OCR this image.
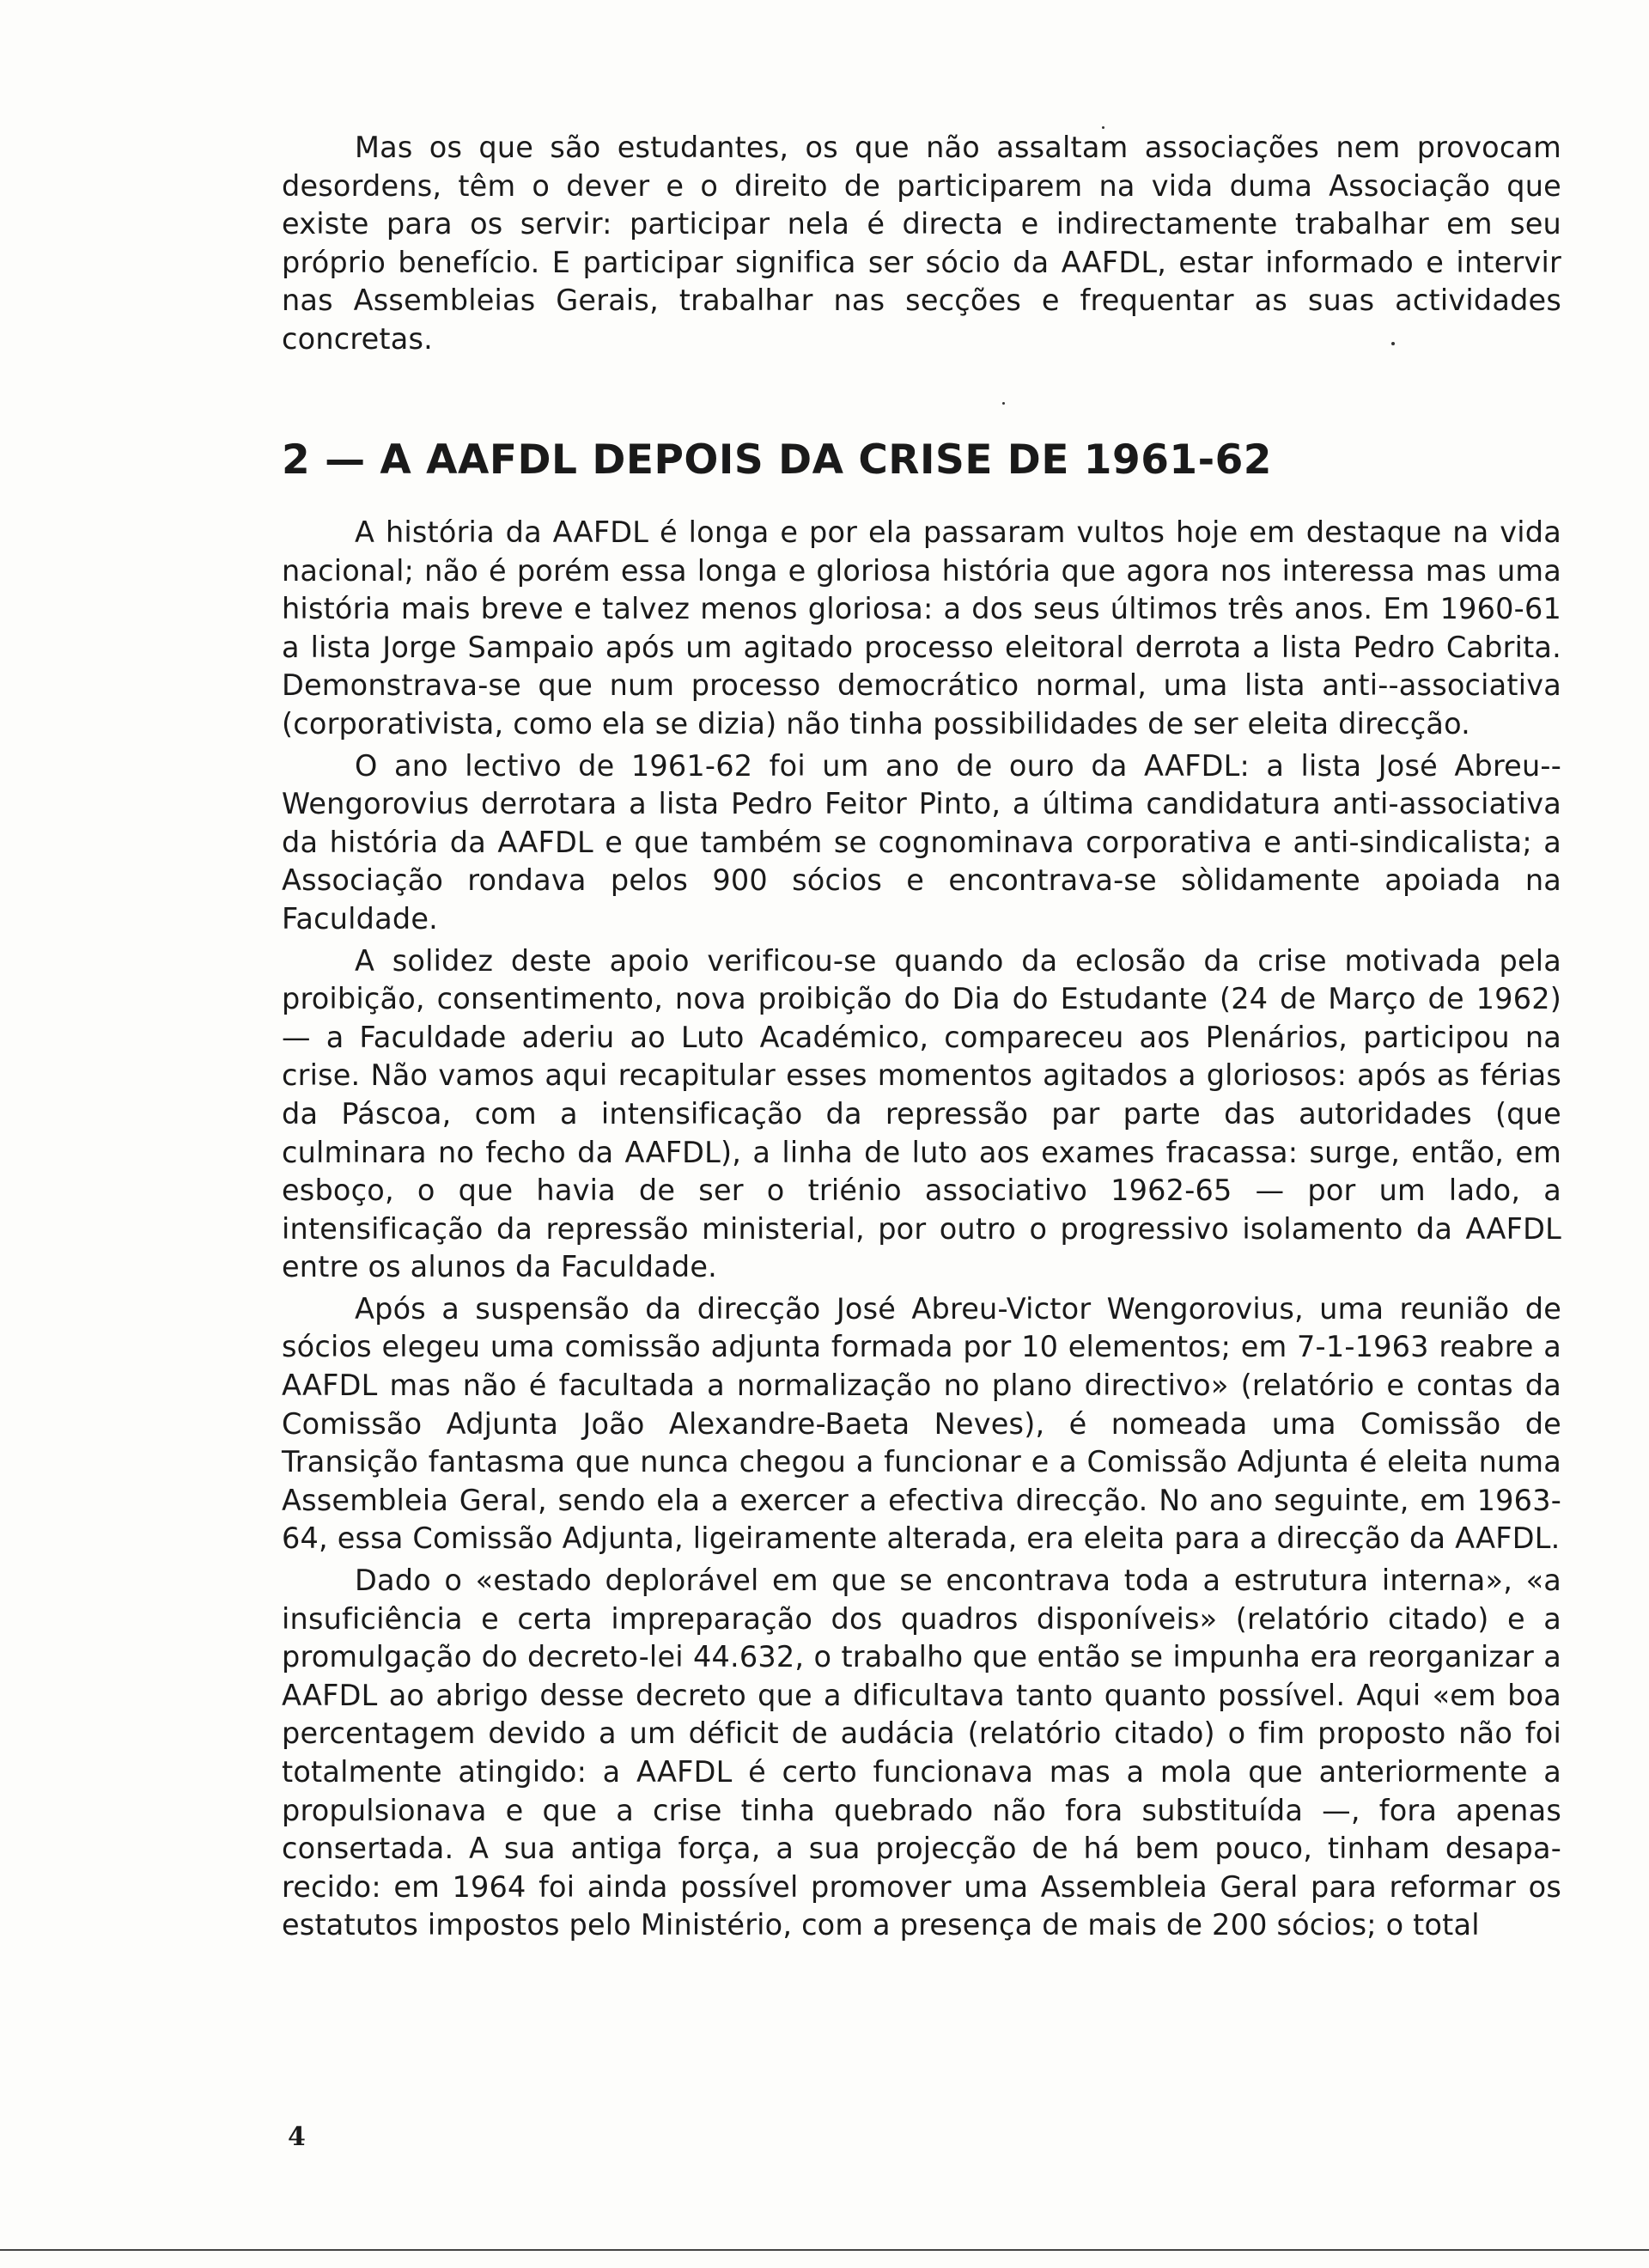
Mas os que são estudantes, os que não assaltam associações nem provocam desordens, têm o dever e o direito de participarem na vida duma Associação que existe para os servir: participar nela é directa e indirectamente trabalhar em seu próprio benefício. E participar significa ser sócio da AAFDL, estar informado e intervir nas Assembleias Gerais, trabalhar nas secções e frequentar as suas actividades concretas.

2 — A AAFDL DEPOIS DA CRISE DE 1961-62

A história da AAFDL é longa e por ela passaram vultos hoje em destaque na vida nacional; não é porém essa longa e gloriosa história que agora nos interessa mas uma história mais breve e talvez menos gloriosa: a dos seus últimos três anos. Em 1960-61 a lista Jorge Sampaio após um agitado processo eleitoral derrota a lista Pedro Cabrita. Demonstrava-se que num processo democrático normal, uma lista anti--associativa (corporativista, como ela se dizia) não tinha possibilidades de ser eleita direcção.

O ano lectivo de 1961-62 foi um ano de ouro da AAFDL: a lista José Abreu--Wengorovius derrotara a lista Pedro Feitor Pinto, a última candidatura anti-associativa da história da AAFDL e que também se cognominava corporativa e anti-sindicalista; a Associação rondava pelos 900 sócios e encontrava-se sòlidamente apoiada na Faculdade.

A solidez deste apoio verificou-se quando da eclosão da crise motivada pela proibição, consentimento, nova proibição do Dia do Estudante (24 de Março de 1962) — a Faculdade aderiu ao Luto Académico, compareceu aos Plenários, participou na crise. Não vamos aqui recapitular esses momentos agitados a gloriosos: após as férias da Páscoa, com a intensificação da repressão par parte das autoridades (que culminara no fecho da AAFDL), a linha de luto aos exames fracassa: surge, então, em esboço, o que havia de ser o triénio associativo 1962-65 — por um lado, a intensificação da repressão ministerial, por outro o progressivo isolamento da AAFDL entre os alunos da Faculdade.

Após a suspensão da direcção José Abreu-Victor Wengorovius, uma reunião de sócios elegeu uma comissão adjunta formada por 10 elementos; em 7-1-1963 reabre a AAFDL mas não é facultada a normalização no plano directivo» (relatório e contas da Comissão Adjunta João Alexandre-Baeta Neves), é nomeada uma Comissão de Transição fantasma que nunca chegou a funcionar e a Comissão Adjunta é eleita numa Assembleia Geral, sendo ela a exercer a efectiva direcção. No ano seguinte, em 1963-64, essa Comissão Adjunta, ligeiramente alterada, era eleita para a direcção da AAFDL.

Dado o «estado deplorável em que se encontrava toda a estrutura interna», «a insuficiência e certa impreparação dos quadros disponíveis» (relatório citado) e a promulgação do decreto-lei 44.632, o trabalho que então se impunha era reorganizar a AAFDL ao abrigo desse decreto que a dificultava tanto quanto possível. Aqui «em boa percentagem devido a um déficit de audácia (relatório citado) o fim proposto não foi totalmente atingido: a AAFDL é certo funcionava mas a mola que anteriormente a propulsionava e que a crise tinha quebrado não fora substituída —, fora apenas consertada. A sua antiga força, a sua projecção de há bem pouco, tinham desapa-recido: em 1964 foi ainda possível promover uma Assembleia Geral para reformar os estatutos impostos pelo Ministério, com a presença de mais de 200 sócios; o total

4
